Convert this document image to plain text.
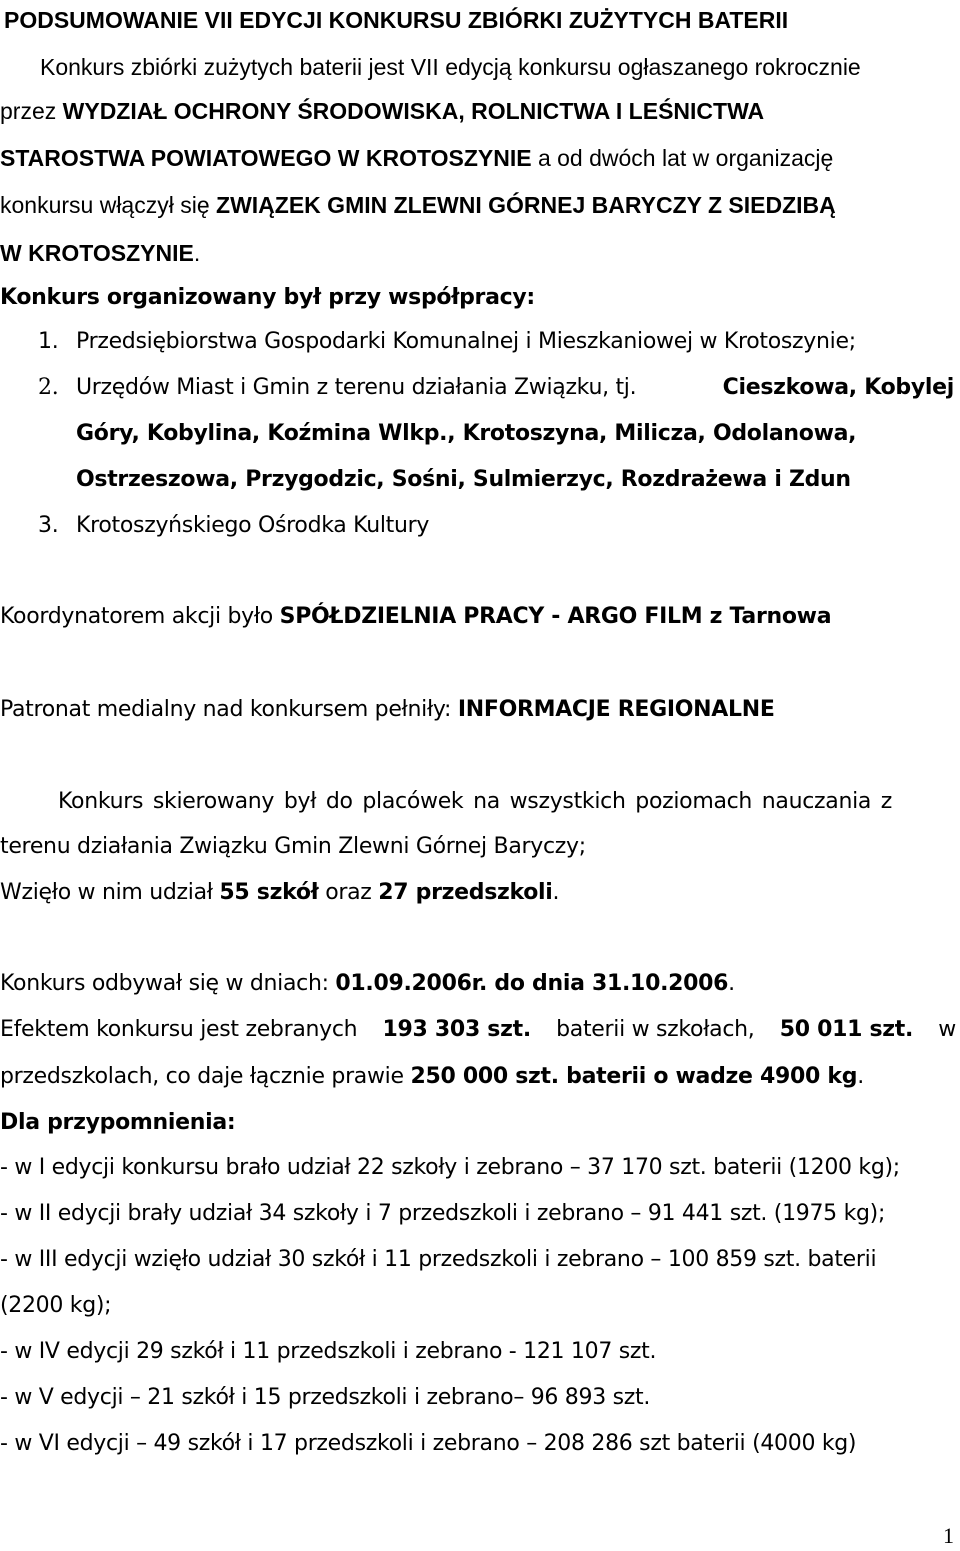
PODSUMOWANIE VII EDYCJI KONKURSU ZBIÓRKI ZUŻYTYCH BATERII
Konkurs zbiórki zużytych baterii jest VII edycją konkursu ogłaszanego rokrocznie
przez WYDZIAŁ OCHRONY ŚRODOWISKA, ROLNICTWA I LEŚNICTWA
STAROSTWA POWIATOWEGO W KROTOSZYNIE a od dwóch lat w organizację
konkursu włączył się ZWIĄZEK GMIN ZLEWNI GÓRNEJ BARYCZY Z SIEDZIBĄ
W KROTOSZYNIE.
Konkurs organizowany był przy współpracy:
1. Przedsiębiorstwa Gospodarki Komunalnej i Mieszkaniowej w Krotoszynie;
2. Urzędów Miast i Gmin z terenu działania Związku, tj.	Cieszkowa, Kobylej
Góry, Kobylina, Koźmina Wlkp., Krotoszyna, Milicza, Odolanowa,
Ostrzeszowa, Przygodzic, Sośni, Sulmierzyc, Rozdrażewa i Zdun
3. Krotoszyńskiego Ośrodka Kultury
Koordynatorem akcji było SPÓŁDZIELNIA PRACY - ARGO FILM z Tarnowa
Patronat medialny nad konkursem pełniły: INFORMACJE REGIONALNE
Konkurs skierowany był do placówek na wszystkich poziomach nauczania z
terenu działania Związku Gmin Zlewni Górnej Baryczy;
Wzięło w nim udział 55 szkół oraz 27 przedszkoli.
Konkurs odbywał się w dniach: 01.09.2006r. do dnia 31.10.2006.
Efektem konkursu jest zebranych 193 303 szt. baterii w szkołach, 50 011 szt. w
przedszkolach, co daje łącznie prawie 250 000 szt. baterii o wadze 4900 kg.
Dla przypomnienia:
- w I edycji konkursu brało udział 22 szkoły i zebrano – 37 170 szt. baterii (1200 kg);
- w II edycji brały udział 34 szkoły i 7 przedszkoli i zebrano – 91 441 szt. (1975 kg);
- w III edycji wzięło udział 30 szkół i 11 przedszkoli i zebrano – 100 859 szt. baterii
(2200 kg);
- w IV edycji 29 szkół i 11 przedszkoli i zebrano - 121 107 szt.
- w V edycji – 21 szkół i 15 przedszkoli i zebrano– 96 893 szt.
- w VI edycji – 49 szkół i 17 przedszkoli i zebrano – 208 286 szt baterii (4000 kg)
1
